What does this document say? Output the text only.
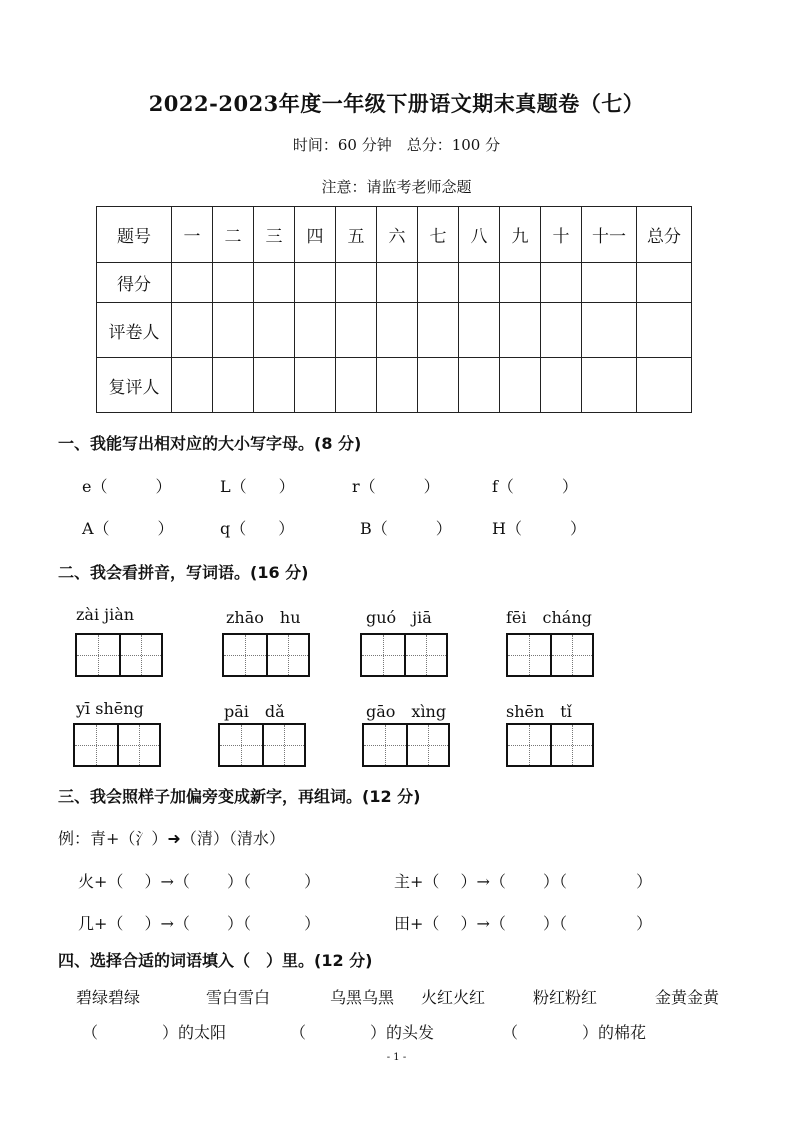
2022-2023年度一年级下册语文期末真题卷（七）
时间：60 分钟　总分：100 分
注意：请监考老师念题
题号	一	二	三	四	五	六	七	八	九	十	十一	总分
得分												
评卷人												
复评人												
一、我能写出相对应的大小写字母。(8 分)
e（　　　）	L（　　）	r（　　　）	f（　　　）
A（　　　）	q（　　）	B（　　　）	H（　　　）
二、我会看拼音，写词语。(16 分)
zài jiàn	zhāo　hu	guó　jiā	fēi　cháng
yī shēng	pāi　dǎ	gāo　xìng	shēn　tǐ
三、我会照样子加偏旁变成新字，再组词。(12 分)
例：青+（氵）➜（清）（清水）
火+（　 ）→（　　 ）（　　　 ）	主+（　 ）→（　　 ）（　　　　 ）
几+（　 ）→（　　 ）（　　　 ）	田+（　 ）→（　　 ）（　　　　 ）
四、选择合适的词语填入（　）里。(12 分)
碧绿碧绿	雪白雪白	乌黑乌黑 火红火红	粉红粉红	金黄金黄
（　　　　）的太阳	（　　　　）的头发	（　　　　）的棉花
- 1 -
